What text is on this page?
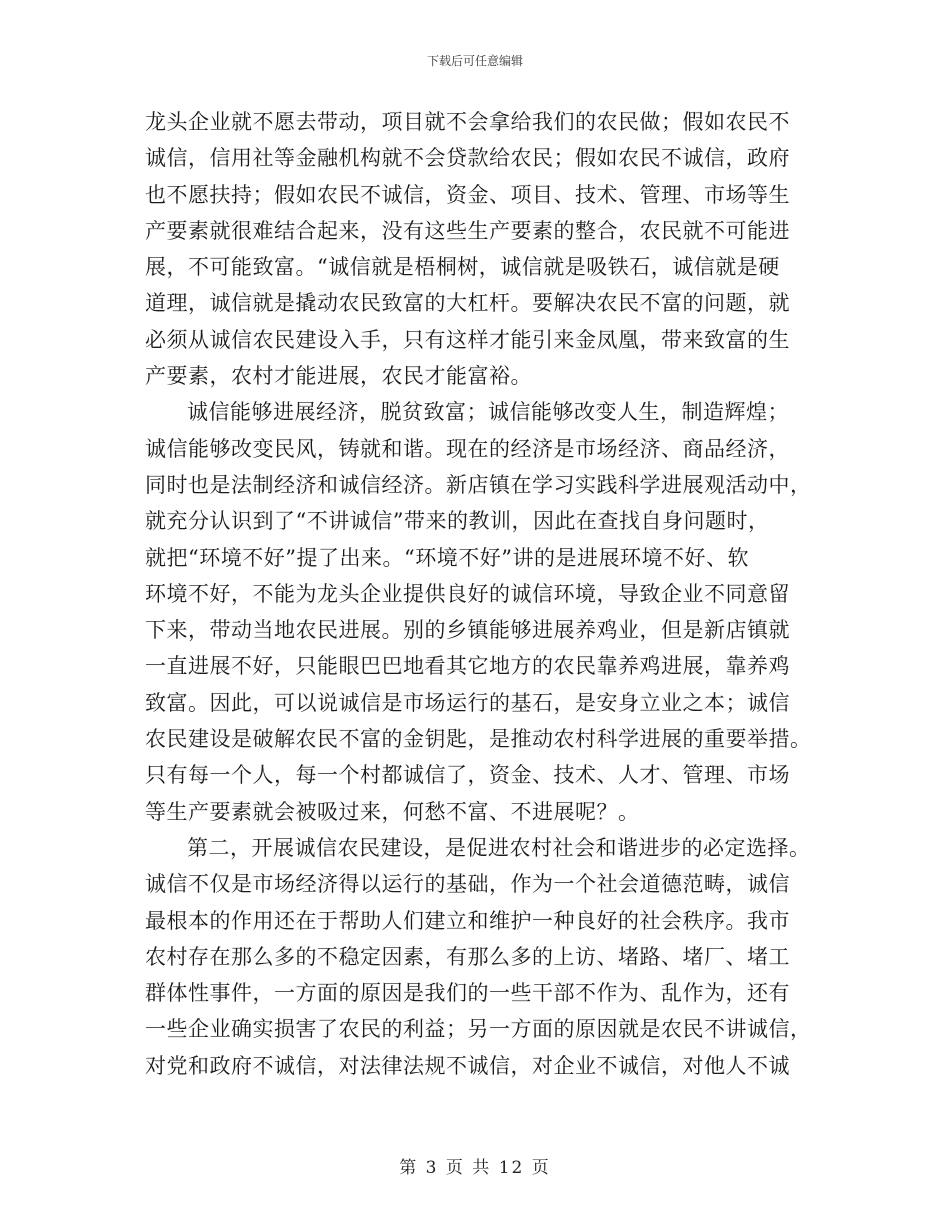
下载后可任意编辑
龙头企业就不愿去带动，项目就不会拿给我们的农民做；假如农民不
诚信，信用社等金融机构就不会贷款给农民；假如农民不诚信，政府
也不愿扶持；假如农民不诚信，资金、项目、技术、管理、市场等生
产要素就很难结合起来，没有这些生产要素的整合，农民就不可能进
展，不可能致富。“诚信就是梧桐树，诚信就是吸铁石，诚信就是硬
道理，诚信就是撬动农民致富的大杠杆。要解决农民不富的问题，就
必须从诚信农民建设入手，只有这样才能引来金凤凰，带来致富的生
产要素，农村才能进展，农民才能富裕。
诚信能够进展经济，脱贫致富；诚信能够改变人生，制造辉煌；
诚信能够改变民风，铸就和谐。现在的经济是市场经济、商品经济，
同时也是法制经济和诚信经济。新店镇在学习实践科学进展观活动中，
就充分认识到了“不讲诚信”带来的教训，因此在查找自身问题时，
就把“环境不好”提了出来。“环境不好”讲的是进展环境不好、软
环境不好，不能为龙头企业提供良好的诚信环境，导致企业不同意留
下来，带动当地农民进展。别的乡镇能够进展养鸡业，但是新店镇就
一直进展不好，只能眼巴巴地看其它地方的农民靠养鸡进展，靠养鸡
致富。因此，可以说诚信是市场运行的基石，是安身立业之本；诚信
农民建设是破解农民不富的金钥匙，是推动农村科学进展的重要举措。
只有每一个人，每一个村都诚信了，资金、技术、人才、管理、市场
等生产要素就会被吸过来，何愁不富、不进展呢？。
第二，开展诚信农民建设，是促进农村社会和谐进步的必定选择。
诚信不仅是市场经济得以运行的基础，作为一个社会道德范畴，诚信
最根本的作用还在于帮助人们建立和维护一种良好的社会秩序。我市
农村存在那么多的不稳定因素，有那么多的上访、堵路、堵厂、堵工
群体性事件，一方面的原因是我们的一些干部不作为、乱作为，还有
一些企业确实损害了农民的利益；另一方面的原因就是农民不讲诚信，
对党和政府不诚信，对法律法规不诚信，对企业不诚信，对他人不诚
第 3 页 共 12 页
